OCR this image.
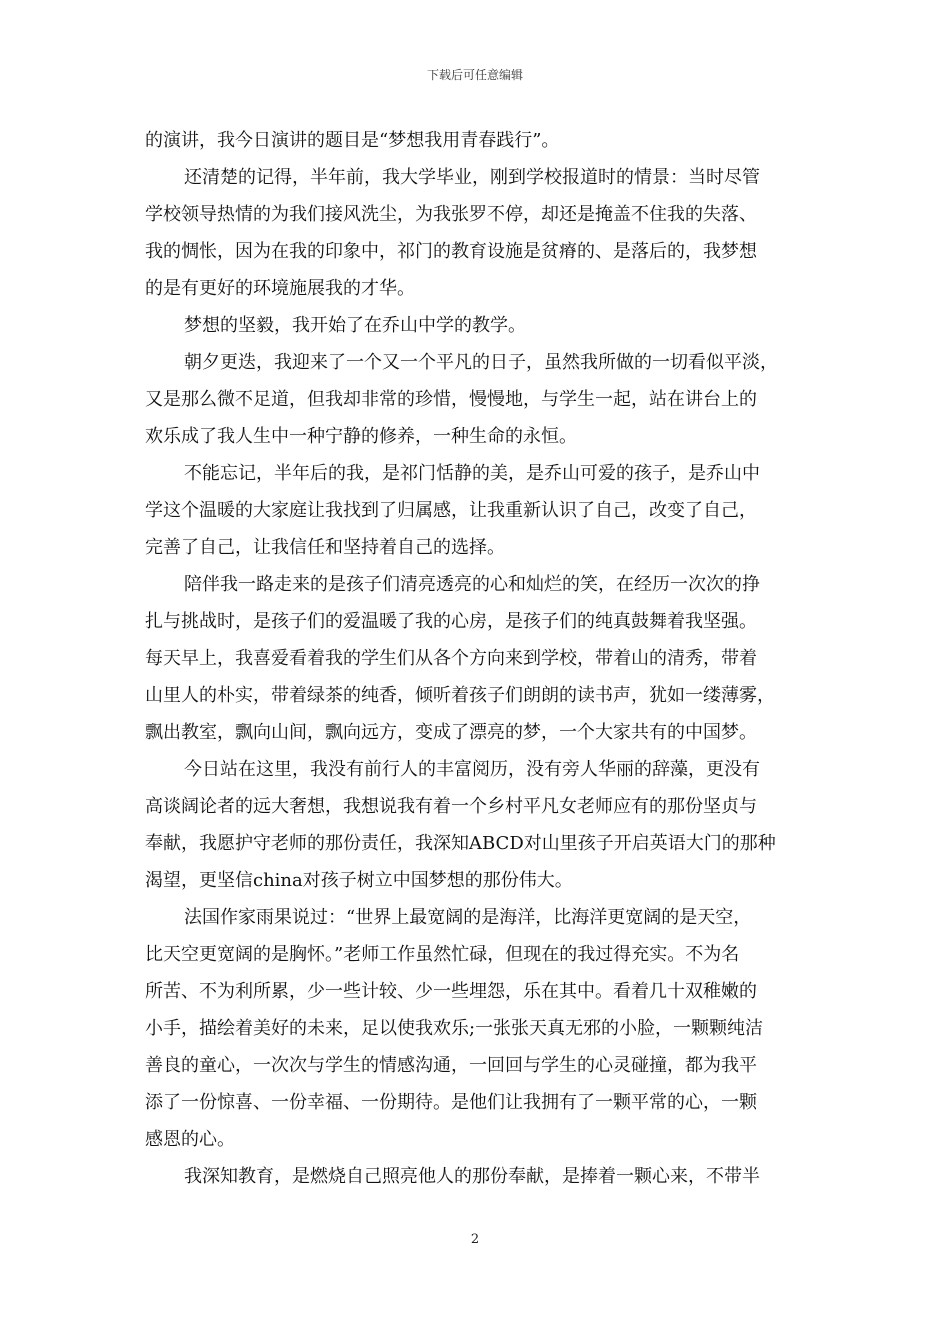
下载后可任意编辑
的演讲，我今日演讲的题目是“梦想我用青春践行”。
还清楚的记得，半年前，我大学毕业，刚到学校报道时的情景：当时尽管
学校领导热情的为我们接风洗尘，为我张罗不停，却还是掩盖不住我的失落、
我的惆怅，因为在我的印象中，祁门的教育设施是贫瘠的、是落后的，我梦想
的是有更好的环境施展我的才华。
梦想的坚毅，我开始了在乔山中学的教学。
朝夕更迭，我迎来了一个又一个平凡的日子，虽然我所做的一切看似平淡，
又是那么微不足道，但我却非常的珍惜，慢慢地，与学生一起，站在讲台上的
欢乐成了我人生中一种宁静的修养，一种生命的永恒。
不能忘记，半年后的我，是祁门恬静的美，是乔山可爱的孩子，是乔山中
学这个温暖的大家庭让我找到了归属感，让我重新认识了自己，改变了自己，
完善了自己，让我信任和坚持着自己的选择。
陪伴我一路走来的是孩子们清亮透亮的心和灿烂的笑，在经历一次次的挣
扎与挑战时，是孩子们的爱温暖了我的心房，是孩子们的纯真鼓舞着我坚强。
每天早上，我喜爱看着我的学生们从各个方向来到学校，带着山的清秀，带着
山里人的朴实，带着绿茶的纯香，倾听着孩子们朗朗的读书声，犹如一缕薄雾，
飘出教室，飘向山间，飘向远方，变成了漂亮的梦，一个大家共有的中国梦。
今日站在这里，我没有前行人的丰富阅历，没有旁人华丽的辞藻，更没有
高谈阔论者的远大奢想，我想说我有着一个乡村平凡女老师应有的那份坚贞与
奉献，我愿护守老师的那份责任，我深知ABCD对山里孩子开启英语大门的那种
渴望，更坚信china对孩子树立中国梦想的那份伟大。
法国作家雨果说过：“世界上最宽阔的是海洋，比海洋更宽阔的是天空，
比天空更宽阔的是胸怀。”老师工作虽然忙碌，但现在的我过得充实。不为名
所苦、不为利所累，少一些计较、少一些埋怨，乐在其中。看着几十双稚嫩的
小手，描绘着美好的未来，足以使我欢乐;一张张天真无邪的小脸，一颗颗纯洁
善良的童心，一次次与学生的情感沟通，一回回与学生的心灵碰撞，都为我平
添了一份惊喜、一份幸福、一份期待。是他们让我拥有了一颗平常的心，一颗
感恩的心。
我深知教育，是燃烧自己照亮他人的那份奉献，是捧着一颗心来，不带半
2
